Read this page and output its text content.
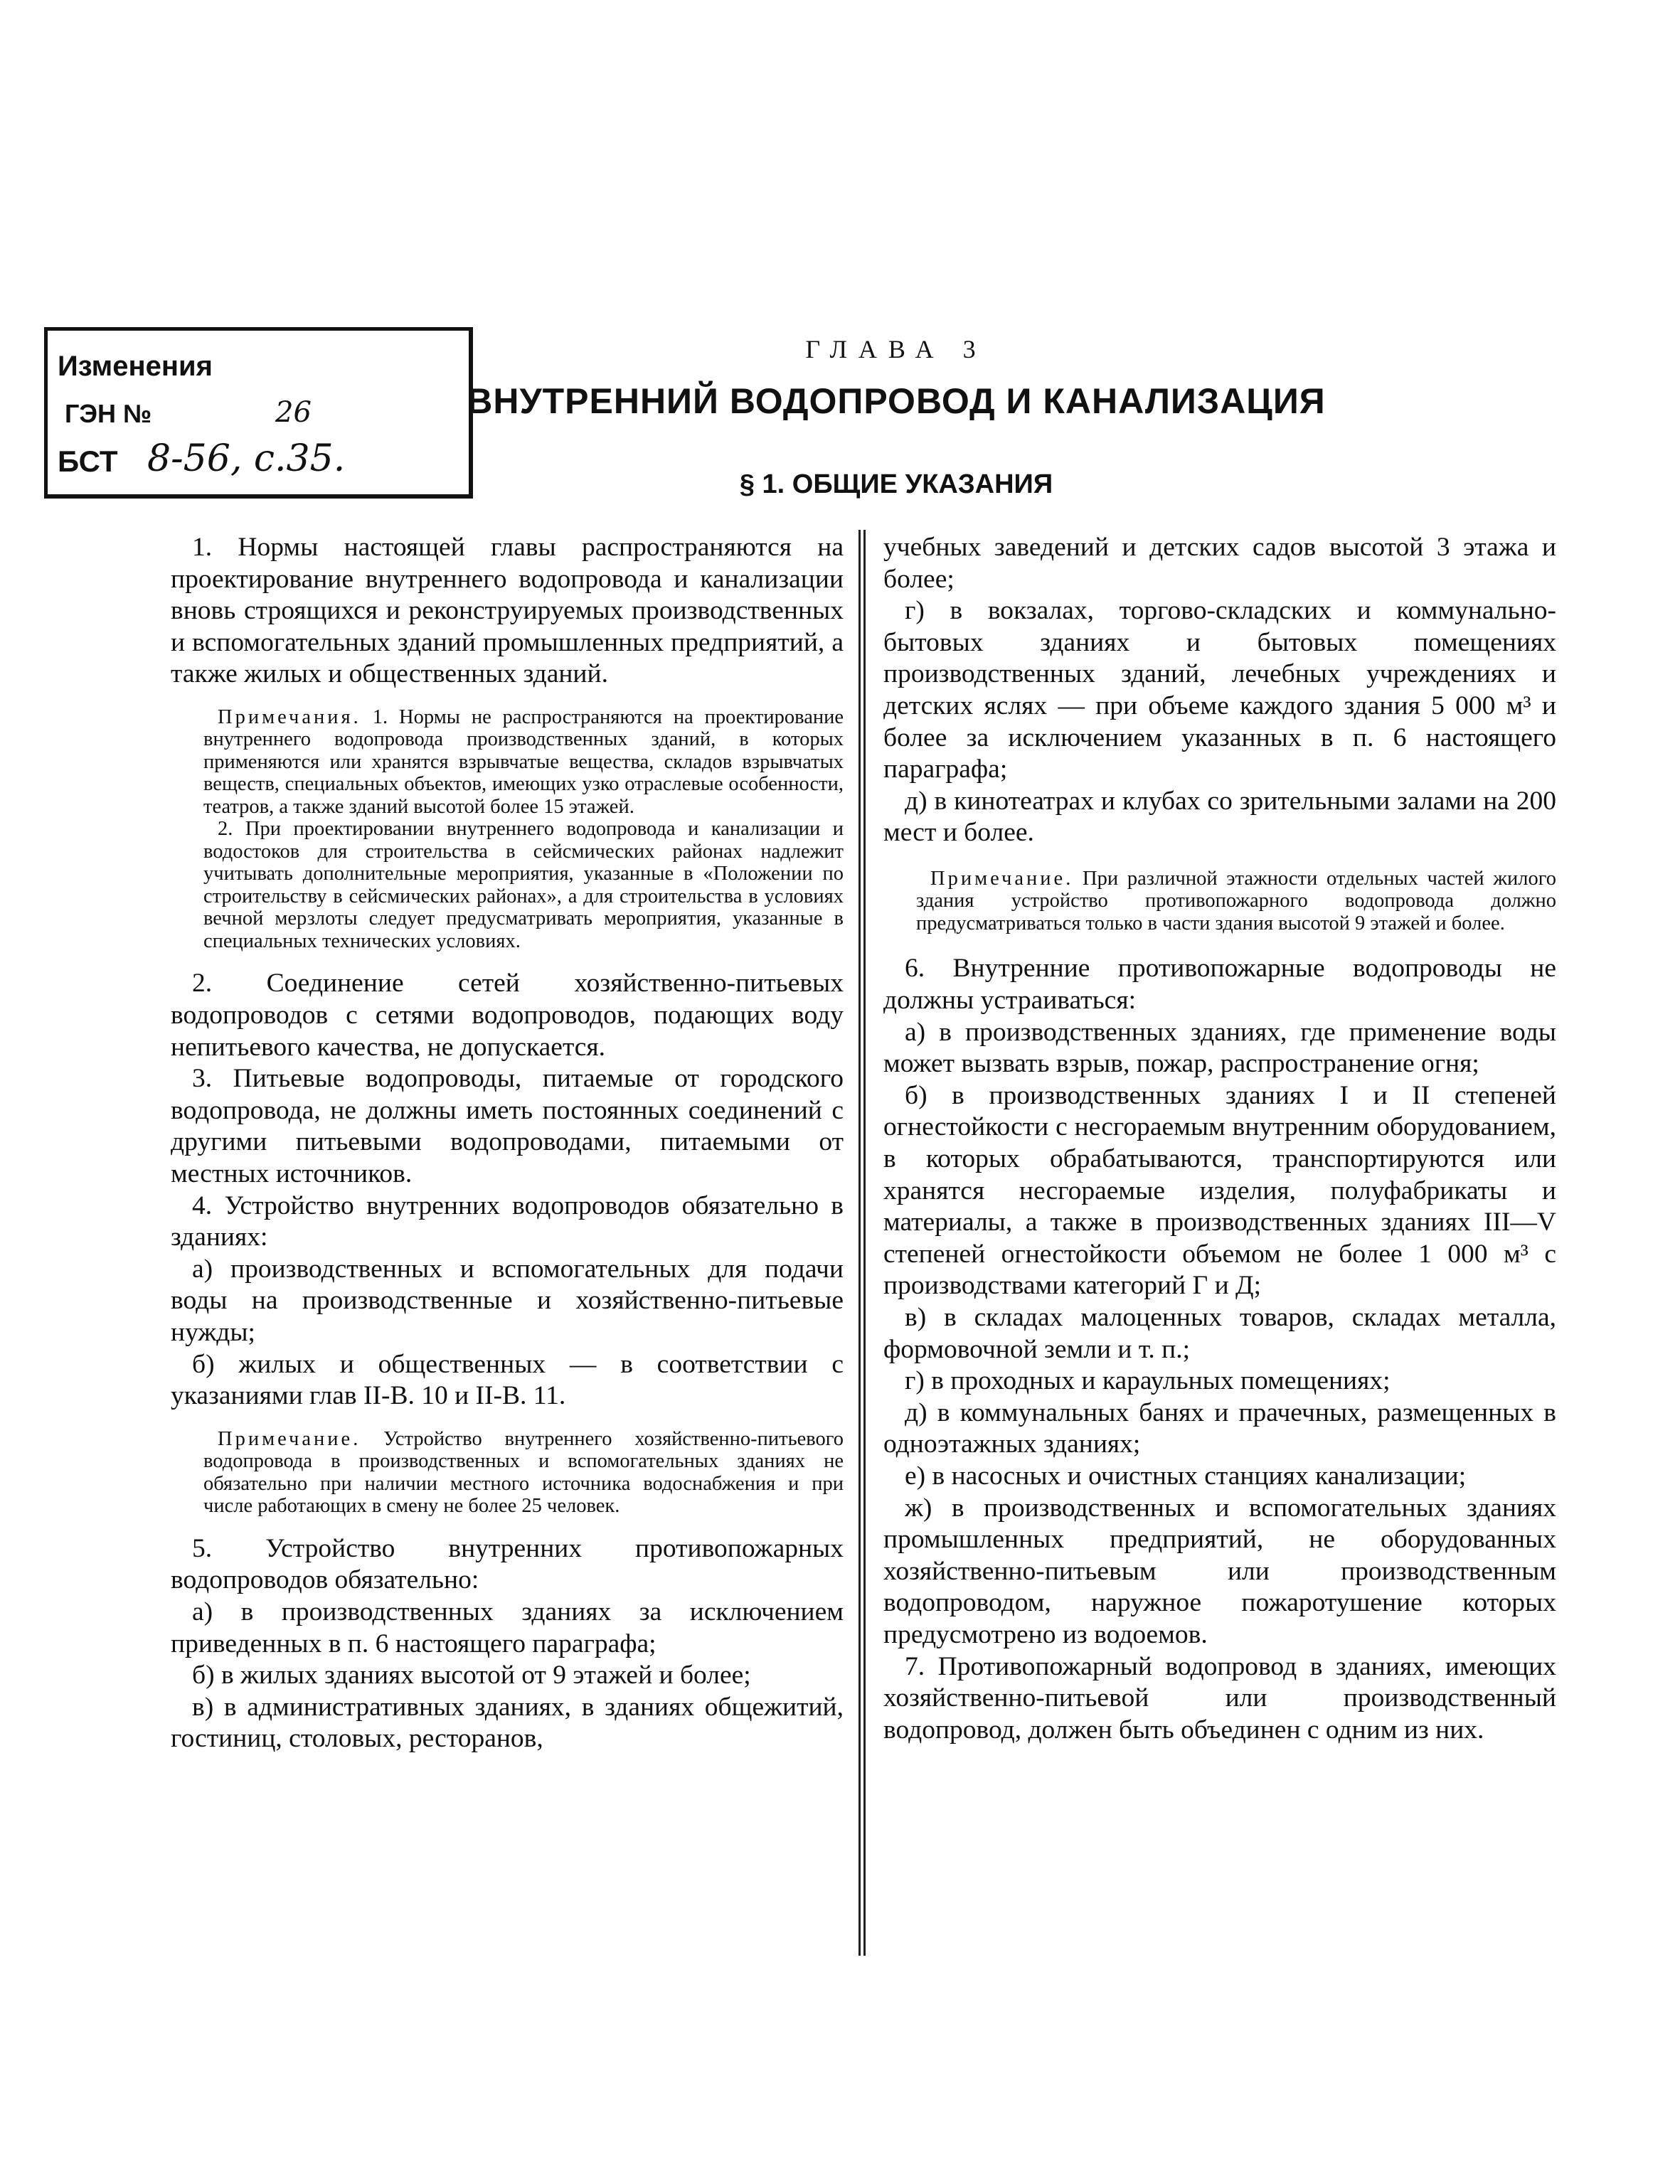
Изменения
ГЭН №	26
БСТ 8-56, с.35.
ГЛАВА 3
ВНУТРЕННИЙ ВОДОПРОВОД И КАНАЛИЗАЦИЯ
§ 1. ОБЩИЕ УКАЗАНИЯ

1. Нормы настоящей главы распространяются на проектирование внутреннего водопровода и канализации вновь строящихся и реконструируемых производственных и вспомогательных зданий промышленных предприятий, а также жилых и общественных зданий.

Примечания. 1. Нормы не распространяются на проектирование внутреннего водопровода производственных зданий, в которых применяются или хранятся взрывчатые вещества, складов взрывчатых веществ, специальных объектов, имеющих узко отраслевые особенности, театров, а также зданий высотой более 15 этажей.

2. При проектировании внутреннего водопровода и канализации и водостоков для строительства в сейсмических районах надлежит учитывать дополнительные мероприятия, указанные в «Положении по строительству в сейсмических районах», а для строительства в условиях вечной мерзлоты следует предусматривать мероприятия, указанные в специальных технических условиях.

2. Соединение сетей хозяйственно-питьевых водопроводов с сетями водопроводов, подающих воду непитьевого качества, не допускается.

3. Питьевые водопроводы, питаемые от городского водопровода, не должны иметь постоянных соединений с другими питьевыми водопроводами, питаемыми от местных источников.

4. Устройство внутренних водопроводов обязательно в зданиях:

а) производственных и вспомогательных для подачи воды на производственные и хозяйственно-питьевые нужды;

б) жилых и общественных — в соответствии с указаниями глав II-В. 10 и II-В. 11.

Примечание. Устройство внутреннего хозяйственно-питьевого водопровода в производственных и вспомогательных зданиях не обязательно при наличии местного источника водоснабжения и при числе работающих в смену не более 25 человек.

5. Устройство внутренних противопожарных водопроводов обязательно:

а) в производственных зданиях за исключением приведенных в п. 6 настоящего параграфа;

б) в жилых зданиях высотой от 9 этажей и более;

в) в административных зданиях, в зданиях общежитий, гостиниц, столовых, ресторанов,

учебных заведений и детских садов высотой 3 этажа и более;

г) в вокзалах, торгово-складских и коммунально-бытовых зданиях и бытовых помещениях производственных зданий, лечебных учреждениях и детских яслях — при объеме каждого здания 5 000 м³ и более за исключением указанных в п. 6 настоящего параграфа;

д) в кинотеатрах и клубах со зрительными залами на 200 мест и более.

Примечание. При различной этажности отдельных частей жилого здания устройство противопожарного водопровода должно предусматриваться только в части здания высотой 9 этажей и более.

6. Внутренние противопожарные водопроводы не должны устраиваться:

а) в производственных зданиях, где применение воды может вызвать взрыв, пожар, распространение огня;

б) в производственных зданиях I и II степеней огнестойкости с несгораемым внутренним оборудованием, в которых обрабатываются, транспортируются или хранятся несгораемые изделия, полуфабрикаты и материалы, а также в производственных зданиях III—V степеней огнестойкости объемом не более 1 000 м³ с производствами категорий Г и Д;

в) в складах малоценных товаров, складах металла, формовочной земли и т. п.;

г) в проходных и караульных помещениях;

д) в коммунальных банях и прачечных, размещенных в одноэтажных зданиях;

е) в насосных и очистных станциях канализации;

ж) в производственных и вспомогательных зданиях промышленных предприятий, не оборудованных хозяйственно-питьевым или производственным водопроводом, наружное пожаротушение которых предусмотрено из водоемов.

7. Противопожарный водопровод в зданиях, имеющих хозяйственно-питьевой или производственный водопровод, должен быть объединен с одним из них.
